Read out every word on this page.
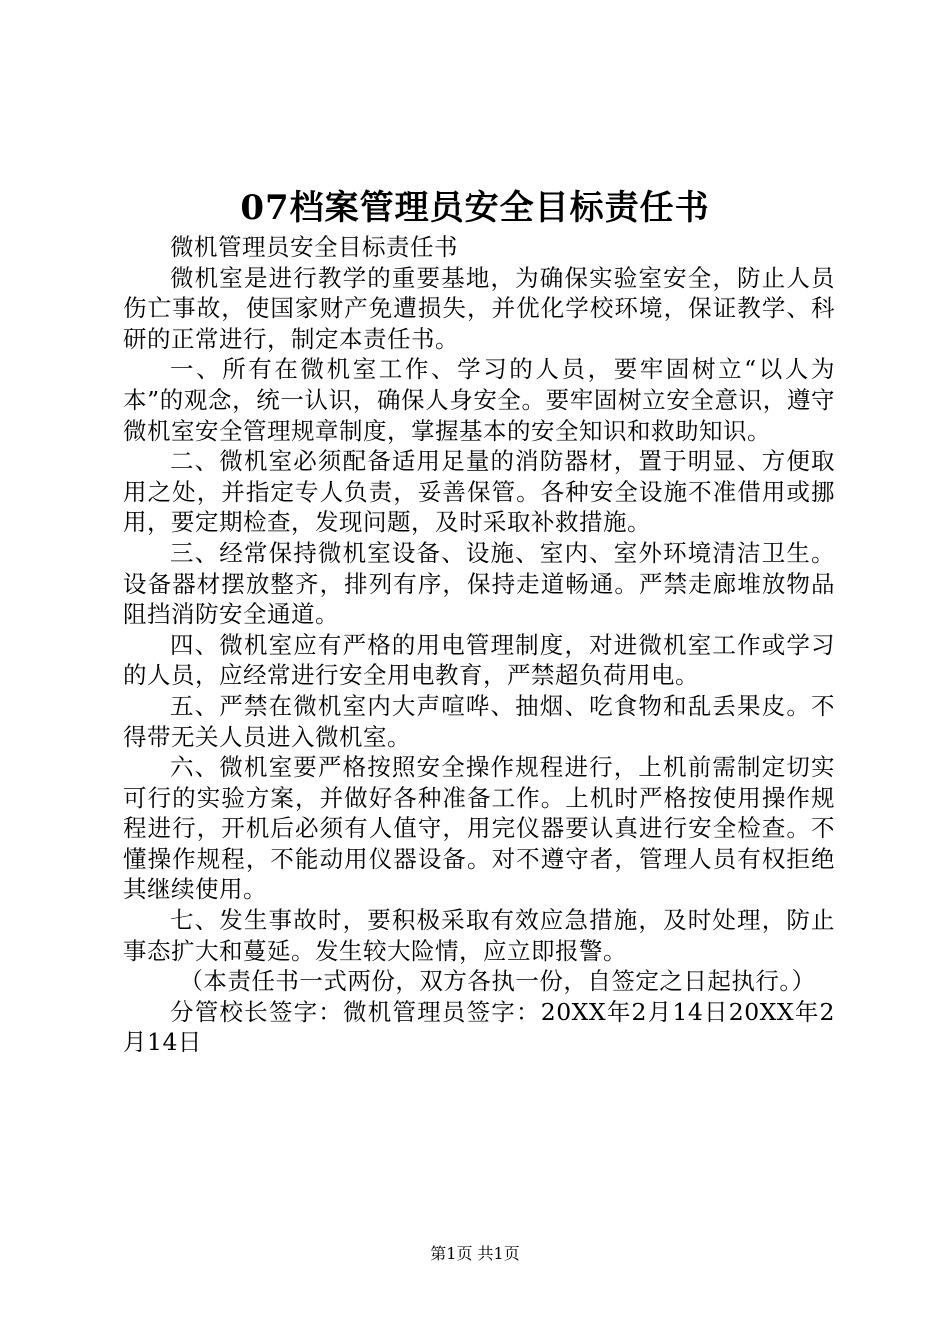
07档案管理员安全目标责任书

微机管理员安全目标责任书

微机室是进行教学的重要基地，为确保实验室安全，防止人员伤亡事故，使国家财产免遭损失，并优化学校环境，保证教学、科研的正常进行，制定本责任书。

一、所有在微机室工作、学习的人员，要牢固树立“以人为本”的观念，统一认识，确保人身安全。要牢固树立安全意识，遵守微机室安全管理规章制度，掌握基本的安全知识和救助知识。

二、微机室必须配备适用足量的消防器材，置于明显、方便取用之处，并指定专人负责，妥善保管。各种安全设施不准借用或挪用，要定期检查，发现问题，及时采取补救措施。

三、经常保持微机室设备、设施、室内、室外环境清洁卫生。设备器材摆放整齐，排列有序，保持走道畅通。严禁走廊堆放物品阻挡消防安全通道。

四、微机室应有严格的用电管理制度，对进微机室工作或学习的人员，应经常进行安全用电教育，严禁超负荷用电。

五、严禁在微机室内大声喧哗、抽烟、吃食物和乱丢果皮。不得带无关人员进入微机室。

六、微机室要严格按照安全操作规程进行，上机前需制定切实可行的实验方案，并做好各种准备工作。上机时严格按使用操作规程进行，开机后必须有人值守，用完仪器要认真进行安全检查。不懂操作规程，不能动用仪器设备。对不遵守者，管理人员有权拒绝其继续使用。

七、发生事故时，要积极采取有效应急措施，及时处理，防止事态扩大和蔓延。发生较大险情，应立即报警。

（本责任书一式两份，双方各执一份，自签定之日起执行。）

分管校长签字：微机管理员签字：20XX年2月14日20XX年2月14日

第1页 共1页
